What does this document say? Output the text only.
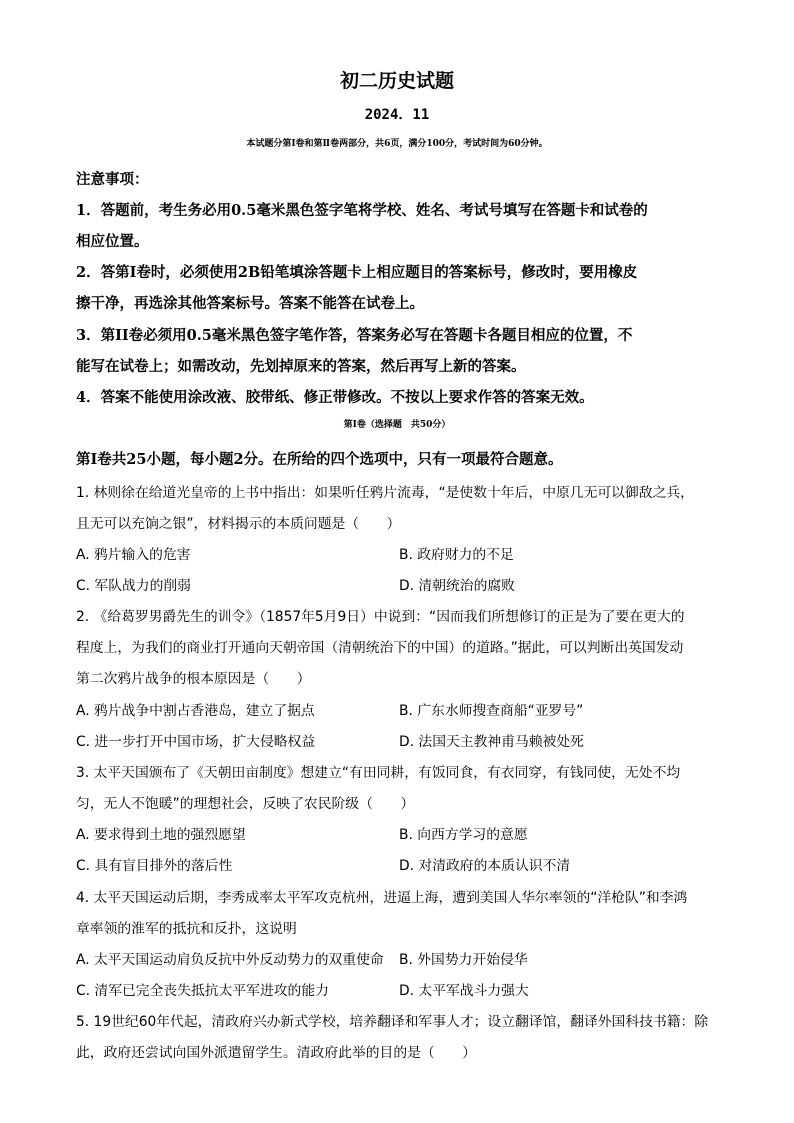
初二历史试题
2024．11
本试题分第Ⅰ卷和第Ⅱ卷两部分，共6页，满分100分，考试时间为60分钟。
注意事项：
1．答题前，考生务必用0.5毫米黑色签字笔将学校、姓名、考试号填写在答题卡和试卷的
相应位置。
2．答第Ⅰ卷时，必须使用2B铅笔填涂答题卡上相应题目的答案标号，修改时，要用橡皮
擦干净，再选涂其他答案标号。答案不能答在试卷上。
3．第II卷必须用0.5毫米黑色签字笔作答，答案务必写在答题卡各题目相应的位置，不
能写在试卷上；如需改动，先划掉原来的答案，然后再写上新的答案。
4．答案不能使用涂改液、胶带纸、修正带修改。不按以上要求作答的答案无效。
第Ⅰ卷（选择题　共50分）
第Ⅰ卷共25小题，每小题2分。在所给的四个选项中，只有一项最符合题意。
1. 林则徐在给道光皇帝的上书中指出：如果听任鸦片流毒，“是使数十年后，中原几无可以御敌之兵，
且无可以充饷之银”，材料揭示的本质问题是（　　）
A. 鸦片输入的危害	B. 政府财力的不足
C. 军队战力的削弱	D. 清朝统治的腐败
2. 《给葛罗男爵先生的训令》（1857年5月9日）中说到：“因而我们所想修订的正是为了要在更大的
程度上，为我们的商业打开通向天朝帝国（清朝统治下的中国）的道路。”据此，可以判断出英国发动
第二次鸦片战争的根本原因是（　　）
A. 鸦片战争中割占香港岛，建立了据点	B. 广东水师搜查商船“亚罗号”
C. 进一步打开中国市场，扩大侵略权益	D. 法国天主教神甫马赖被处死
3. 太平天国颁布了《天朝田亩制度》想建立“有田同耕，有饭同食，有衣同穿，有钱同使，无处不均
匀，无人不饱暖”的理想社会，反映了农民阶级（　　）
A. 要求得到土地的强烈愿望	B. 向西方学习的意愿
C. 具有盲目排外的落后性	D. 对清政府的本质认识不清
4. 太平天国运动后期，李秀成率太平军攻克杭州，进逼上海，遭到美国人华尔率领的“洋枪队”和李鸿
章率领的淮军的抵抗和反扑，这说明
A. 太平天国运动肩负反抗中外反动势力的双重使命 B. 外国势力开始侵华
C. 清军已完全丧失抵抗太平军进攻的能力	D. 太平军战斗力强大
5. 19世纪60年代起，清政府兴办新式学校，培养翻译和军事人才；设立翻译馆，翻译外国科技书籍：除
此，政府还尝试向国外派遣留学生。清政府此举的目的是（　　）
